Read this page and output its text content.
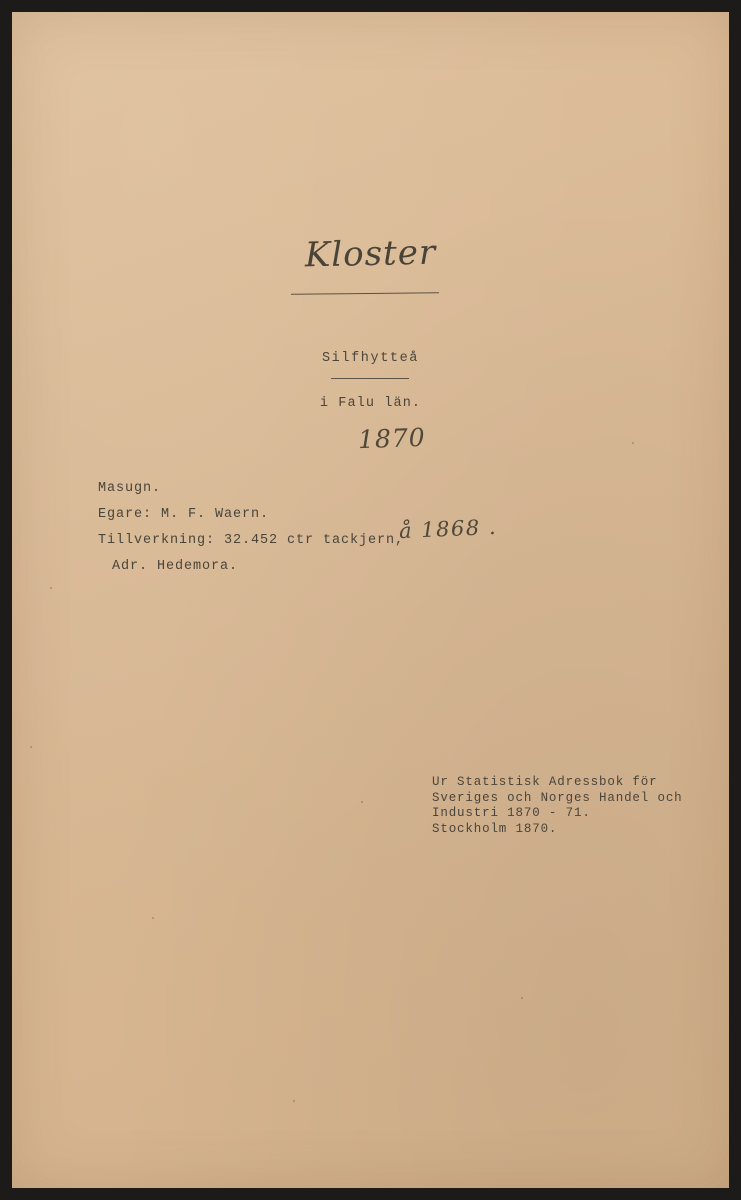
Kloster
Silfhytteå
i Falu län.
1870
Masugn.
Egare: M. F. Waern.
Tillverkning: 32.452 ctr tackjern,
Adr. Hedemora.
å 1868 .
Ur Statistisk Adressbok för
Sveriges och Norges Handel och
Industri 1870 - 71.
Stockholm 1870.
